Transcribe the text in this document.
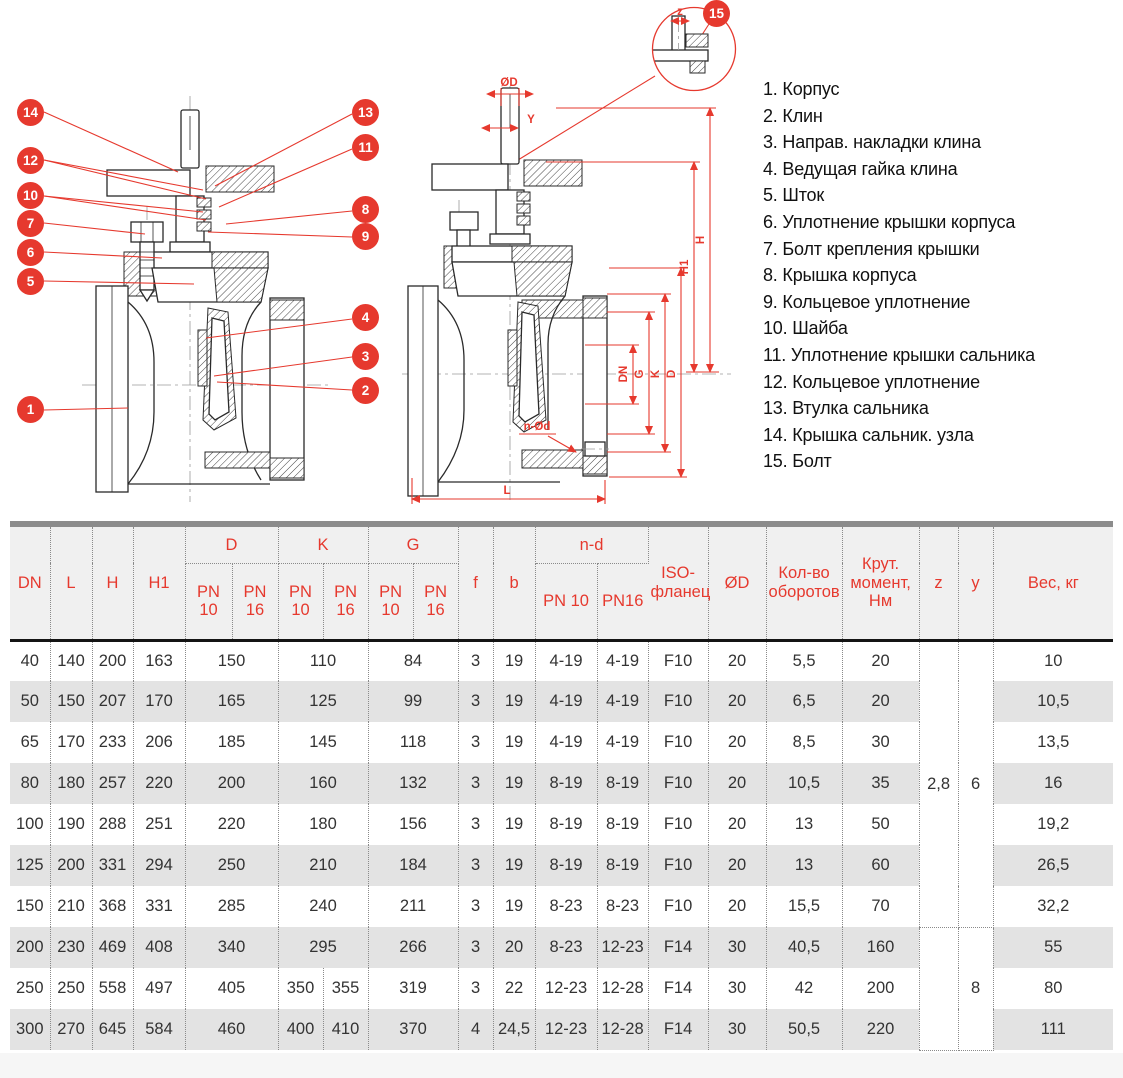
ØD
Y
H
H1
DN G K D
n-Ød
L
z
14
12
10
7
6
5
1
13
11
8
9
4
3
2
15
1. Корпус
2. Клин
3. Направ. накладки клина
4. Ведущая гайка клина
5. Шток
6. Уплотнение крышки корпуса
7. Болт крепления крышки
8. Крышка корпуса
9. Кольцевое уплотнение
10. Шайба
11. Уплотнение крышки сальника
12. Кольцевое уплотнение
13. Втулка сальника
14. Крышка сальник. узла
15. Болт
DN	L	H	H1	D		K		G		f	b	n-d		ISO-фланец	ØD	Кол-во оборотов	Крут. момент, Нм	z	y	Вес, кг
				PN 10	PN 16	PN 10	PN 16	PN 10	PN 16			PN 10	PN16							
40	140	200	163	150		110		84		3	19	4-19	4-19	F10	20	5,5	20	2,8	6	10
50	150	207	170	165		125		99		3	19	4-19	4-19	F10	20	6,5	20			10,5
65	170	233	206	185		145		118		3	19	4-19	4-19	F10	20	8,5	30			13,5
80	180	257	220	200		160		132		3	19	8-19	8-19	F10	20	10,5	35			16
100	190	288	251	220		180		156		3	19	8-19	8-19	F10	20	13	50			19,2
125	200	331	294	250		210		184		3	19	8-19	8-19	F10	20	13	60			26,5
150	210	368	331	285		240		211		3	19	8-23	8-23	F10	20	15,5	70			32,2
200	230	469	408	340		295		266		3	20	8-23	12-23	F14	30	40,5	160		8	55
250	250	558	497	405		350	355	319		3	22	12-23	12-28	F14	30	42	200			80
300	270	645	584	460		400	410	370		4	24,5	12-23	12-28	F14	30	50,5	220			111
